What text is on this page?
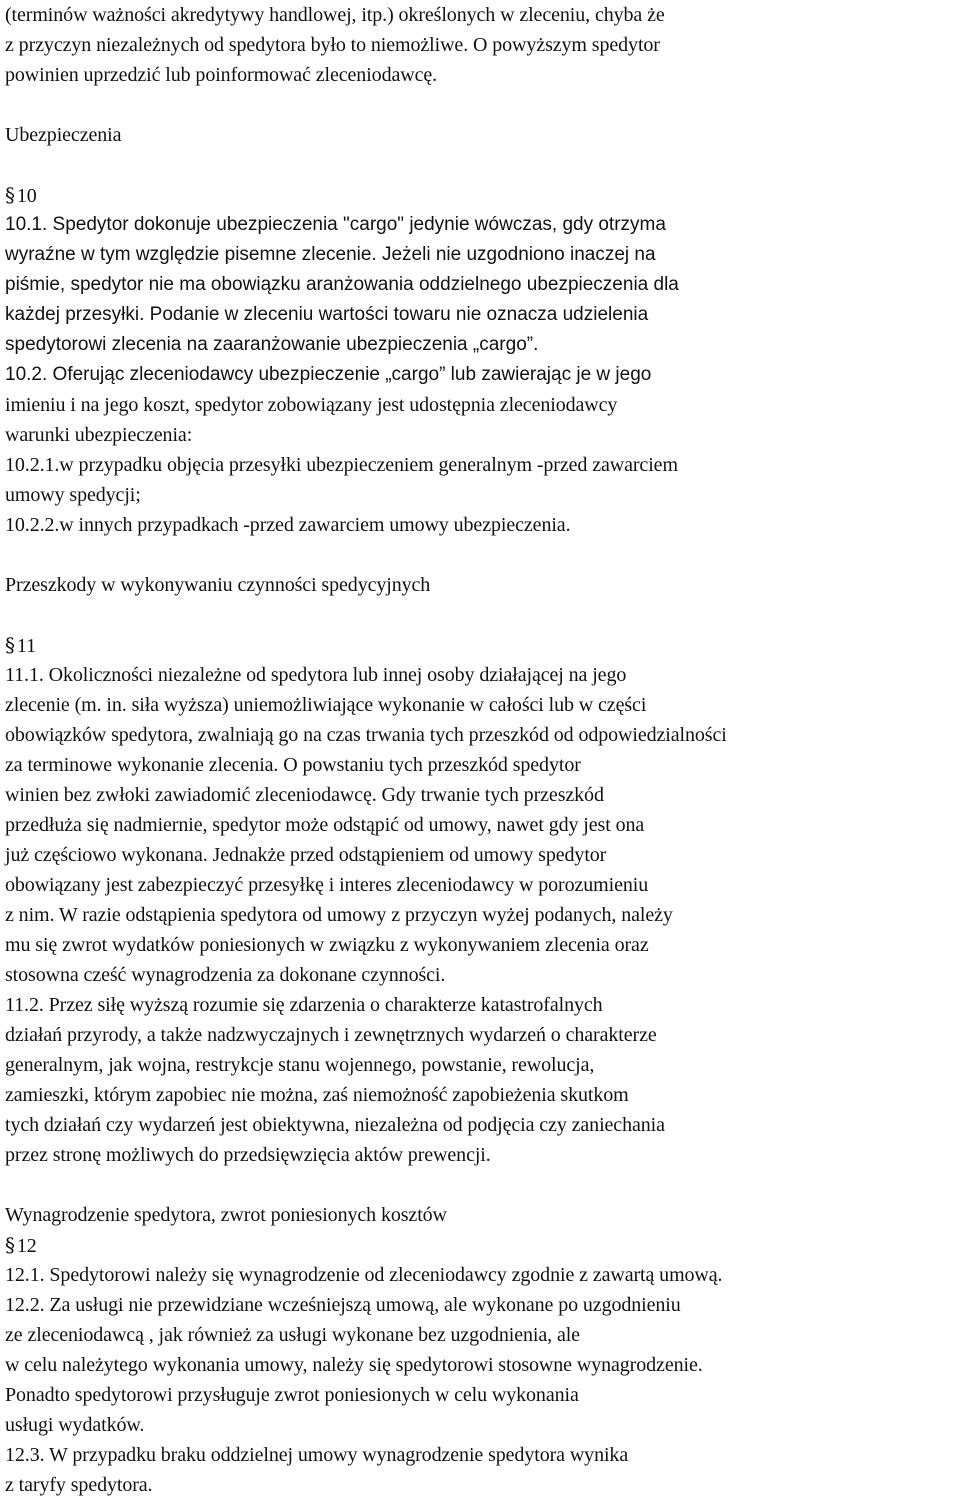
(terminów ważności akredytywy handlowej, itp.) określonych w zleceniu, chyba że
z przyczyn niezależnych od spedytora było to niemożliwe. O powyższym spedytor
powinien uprzedzić lub poinformować zleceniodawcę.
Ubezpieczenia
§ 10
10.1. Spedytor dokonuje ubezpieczenia "cargo" jedynie wówczas, gdy otrzyma
wyraźne w tym względzie pisemne zlecenie. Jeżeli nie uzgodniono inaczej na
piśmie, spedytor nie ma obowiązku aranżowania oddzielnego ubezpieczenia dla
każdej przesyłki. Podanie w zleceniu wartości towaru nie oznacza udzielenia
spedytorowi zlecenia na zaaranżowanie ubezpieczenia „cargo”.
10.2. Oferując zleceniodawcy ubezpieczenie „cargo” lub zawierając je w jego
imieniu i na jego koszt, spedytor zobowiązany jest udostępnia zleceniodawcy
warunki ubezpieczenia:
10.2.1.w przypadku objęcia przesyłki ubezpieczeniem generalnym -przed zawarciem
umowy spedycji;
10.2.2.w innych przypadkach -przed zawarciem umowy ubezpieczenia.
Przeszkody w wykonywaniu czynności spedycyjnych
§ 11
11.1. Okoliczności niezależne od spedytora lub innej osoby działającej na jego
zlecenie (m. in. siła wyższa) uniemożliwiające wykonanie w całości lub w części
obowiązków spedytora, zwalniają go na czas trwania tych przeszkód od odpowiedzialności
za terminowe wykonanie zlecenia. O powstaniu tych przeszkód spedytor
winien bez zwłoki zawiadomić zleceniodawcę. Gdy trwanie tych przeszkód
przedłuża się nadmiernie, spedytor może odstąpić od umowy, nawet gdy jest ona
już częściowo wykonana. Jednakże przed odstąpieniem od umowy spedytor
obowiązany jest zabezpieczyć przesyłkę i interes zleceniodawcy w porozumieniu
z nim. W razie odstąpienia spedytora od umowy z przyczyn wyżej podanych, należy
mu się zwrot wydatków poniesionych w związku z wykonywaniem zlecenia oraz
stosowna cześć wynagrodzenia za dokonane czynności.
11.2. Przez siłę wyższą rozumie się zdarzenia o charakterze katastrofalnych
działań przyrody, a także nadzwyczajnych i zewnętrznych wydarzeń o charakterze
generalnym, jak wojna, restrykcje stanu wojennego, powstanie, rewolucja,
zamieszki, którym zapobiec nie można, zaś niemożność zapobieżenia skutkom
tych działań czy wydarzeń jest obiektywna, niezależna od podjęcia czy zaniechania
przez stronę możliwych do przedsięwzięcia aktów prewencji.
Wynagrodzenie spedytora, zwrot poniesionych kosztów
§ 12
12.1. Spedytorowi należy się wynagrodzenie od zleceniodawcy zgodnie z zawartą umową.
12.2. Za usługi nie przewidziane wcześniejszą umową, ale wykonane po uzgodnieniu
ze zleceniodawcą , jak również za usługi wykonane bez uzgodnienia, ale
w celu należytego wykonania umowy, należy się spedytorowi stosowne wynagrodzenie.
Ponadto spedytorowi przysługuje zwrot poniesionych w celu wykonania
usługi wydatków.
12.3. W przypadku braku oddzielnej umowy wynagrodzenie spedytora wynika
z taryfy spedytora.
